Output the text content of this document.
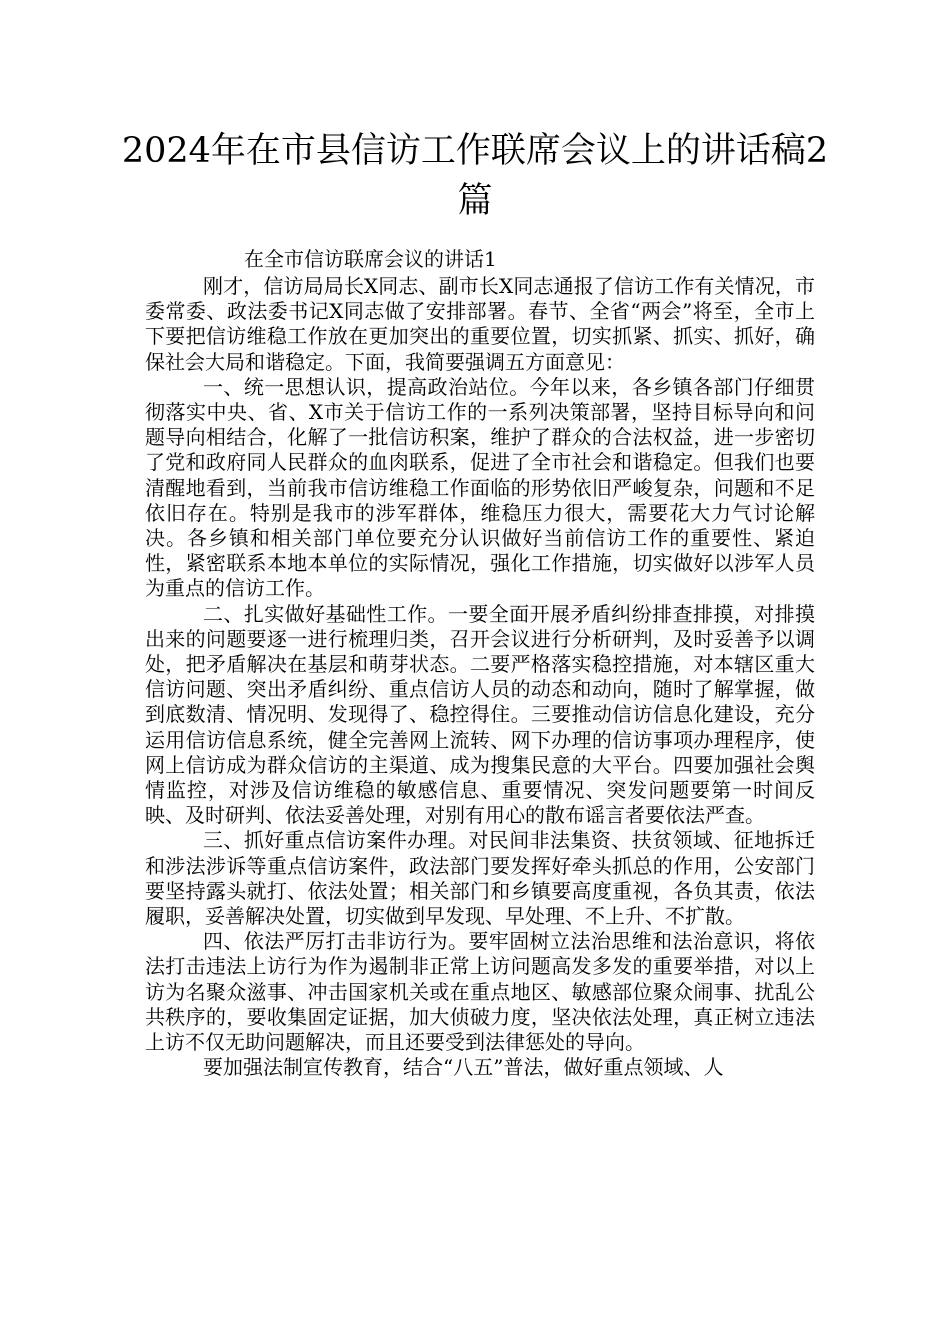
2024年在市县信访工作联席会议上的讲话稿2篇

在全市信访联席会议的讲话1

刚才，信访局局长X同志、副市长X同志通报了信访工作有关情况，市委常委、政法委书记X同志做了安排部署。春节、全省“两会”将至，全市上下要把信访维稳工作放在更加突出的重要位置，切实抓紧、抓实、抓好，确保社会大局和谐稳定。下面，我简要强调五方面意见：

一、统一思想认识，提高政治站位。今年以来，各乡镇各部门仔细贯彻落实中央、省、X市关于信访工作的一系列决策部署，坚持目标导向和问题导向相结合，化解了一批信访积案，维护了群众的合法权益，进一步密切了党和政府同人民群众的血肉联系，促进了全市社会和谐稳定。但我们也要清醒地看到，当前我市信访维稳工作面临的形势依旧严峻复杂，问题和不足依旧存在。特别是我市的涉军群体，维稳压力很大，需要花大力气讨论解决。各乡镇和相关部门单位要充分认识做好当前信访工作的重要性、紧迫性，紧密联系本地本单位的实际情况，强化工作措施，切实做好以涉军人员为重点的信访工作。

二、扎实做好基础性工作。一要全面开展矛盾纠纷排查排摸，对排摸出来的问题要逐一进行梳理归类，召开会议进行分析研判，及时妥善予以调处，把矛盾解决在基层和萌芽状态。二要严格落实稳控措施，对本辖区重大信访问题、突出矛盾纠纷、重点信访人员的动态和动向，随时了解掌握，做到底数清、情况明、发现得了、稳控得住。三要推动信访信息化建设，充分运用信访信息系统，健全完善网上流转、网下办理的信访事项办理程序，使网上信访成为群众信访的主渠道、成为搜集民意的大平台。四要加强社会舆情监控，对涉及信访维稳的敏感信息、重要情况、突发问题要第一时间反映、及时研判、依法妥善处理，对别有用心的散布谣言者要依法严查。

三、抓好重点信访案件办理。对民间非法集资、扶贫领域、征地拆迁和涉法涉诉等重点信访案件，政法部门要发挥好牵头抓总的作用，公安部门要坚持露头就打、依法处置；相关部门和乡镇要高度重视，各负其责，依法履职，妥善解决处置，切实做到早发现、早处理、不上升、不扩散。

四、依法严厉打击非访行为。要牢固树立法治思维和法治意识，将依法打击违法上访行为作为遏制非正常上访问题高发多发的重要举措，对以上访为名聚众滋事、冲击国家机关或在重点地区、敏感部位聚众闹事、扰乱公共秩序的，要收集固定证据，加大侦破力度，坚决依法处理，真正树立违法上访不仅无助问题解决，而且还要受到法律惩处的导向。

要加强法制宣传教育，结合“八五”普法，做好重点领域、人
